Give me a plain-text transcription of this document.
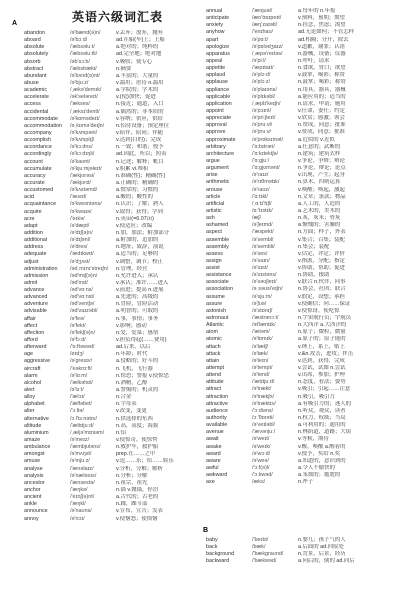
英语六级词汇表
A
abandon	/ə'bænd(ə)n/	v.丢弃；放弃，抛弃
aboard	/ə'bɔːd/	ad.在船(车)上；上船
absolute	/'æbsəluːt/	a.绝对的；纯粹的
absolutely	/'æbsəluːtli/	ad.完全地；绝对地
absorb	/əb'sɔːb/	v.吸收；使专心
abstract	/'æbstrækt/	n.摘要
abundant	/ə'bʌnd(ə)nt/	a.丰富的；大量的
abuse	/ə'bjuːz/	v.滥用；虐待 n.滥用
academic	/ˌækə'demɪk/	a.学院的；学术的
accelerate	/ək'seləreɪt/	v.(使)加快；促进
access	/'ækses/	n.接近；通道，入口
accidental	/ˌæksɪ'dentl/	a.偶然的；非本质的
accommodate /ə'kɒmədeɪt/	v.容纳；供应，供给
accommodation /əˌkɒmə'deɪʃn/ n.招待设备；预定座位
accompany	/ə'kʌmpəni/	v.陪伴，陪同；伴随
accomplish	/ə'kʌmplɪʃ/	v.达到(目的)；完成
accordance	/ə'kɔːdns/	n.一致；和谐；授予
accordingly	/ə'kɔːdɪŋli/	ad.因此，所以；照着
account	/ə'kaʊnt/	n.记述；解释；帐目
accumulate	/ə'kjuːmjəleɪt/	v.积累 vi.堆积
accuracy	/'ækjʊrəsi/	n.准确(性)；精确(性)
accurate	/'ækjʊrɪt/	a.正确的；精确的
accustomed	/ə'kʌstəmd/	a.惯常的；习惯的
acid	/'æsɪd/	a.酸的；酸性的
acquaintance	/ə'kweɪntəns/	n.认识；了解；熟人
acquire	/ə'kwaɪə/	v.取得；获得；学到
acre	/'eɪkə/	n.英亩(=6.07亩)
adapt	/ə'dæpt/	v.使适应；改编
addition	/ə'dɪʃ(ə)n/	n.加，加法；附加部分
additional	/ə'dɪʃənl/	a.附加的，追加的
address	/ə'dres/	n.地址；致辞，演说
adequate	/'ædɪkwɪt/	a.适当的；足够的
adjust	/ə'dʒʌst/	v.调整，调节；校正
administration /ədˌmɪnɪ'streɪʃn/ n.管理，经营
admission	/əd'mɪʃ(ə)n/	n.允许进入；承认
admit	/əd'mɪt/	v.承认；准许……进入
advance	/əd'vɑːns/	v.前进；提高 n.进展
advanced	/əd'vɑːnst/	a.先进的；高级的
adventure	/əd'ventʃə/	n.冒险，冒险活动
advisable	/əd'vaɪzəbl/	a.明智的；可取的
affair	/ə'feə/	n.事，事情；事务
affect	/ə'fekt/	v.影响；感动
affection	/ə'fekʃ(ə)n/	n.爱，爱慕；感情
afford	/ə'fɔːd/	v.担负得起(……费用)
afterward	/'ɑːftəwəd/	ad.后来，以后
age	/eɪdʒ/	n.年龄；时代
aggressive	/ə'gresɪv/	a.侵略的；好斗的
aircraft	/'eəkrɑːft/	n.飞机，飞行器
alarm	/ə'lɑːm/	n.惊恐；警报 v.使惊恐
alcohol	/'ælkəhɒl/	n.酒精，乙醇
alert	/ə'lɜːt/	a.警惕的；机灵的
alloy	/'ælɔɪ/	n.合金
alphabet	/'ælfəbet/	n.字母表
alter	/'ɔːltə/	v.改变，变更
alternative	/ɔːl'tɜːnətɪv/	n.供选择的东西
altitude	/'æltɪtjuːd/	n.高，高度；海拔
aluminium	/ˌæljə'mɪniəm/ n.铝
amaze	/ə'meɪz/	v.使惊奇，使惊愕
ambulance	/'æmbjʊləns/	n.救护车，救护船
amongst	/ə'mʌŋst/	prep.在……之中
amuse	/ə'mjuːz/	v.逗……乐；给……娱乐
analyse	/'ænəlaɪz/	v.分析，分解；解析
analysis	/ə'næləsɪs/	n.分析；分解
ancestor	/'ænsestə/	n.祖宗，祖先
anchor	/'æŋkə/	n.锚 v.抛锚，停泊
ancient	/'eɪnʃ(ə)nt/	a.古代的；古老的
ankle	/'æŋkl/	n.踝，踝节部
announce	/ə'naʊns/	v.宣布，宣告；发表
annoy	/ə'nɔɪ/	v.使恼怒；使烦恼
annual	/'ænjuəl/	a.每年的 n.年报
anticipate	/æn'tɪsɪpeɪt/	v.预料，预期；期望
anxiety	/æŋ'zaɪəti/	n.挂念，焦虑；渴望
anyhow	/'enɪhaʊ/	ad.无论如何；不管怎样
apart	/ə'pɑːt/	ad.相隔；分开，除去
apologize	/ə'pɒlədʒaɪz/	v.道歉，谢罪；认错
apparatus	/ˌæpə'reɪtəs/	n.器械，设备；仪器
appeal	/ə'piːl/	n.呼吁，请求
appetite	/'æpɪtaɪt/	n.食欲，胃口；欲望
applaud	/ə'plɔːd/	v.鼓掌，喝彩；称赞
applause	/ə'plɔːz/	n.鼓掌；喝彩；称赞
appliance	/ə'plaɪəns/	n.用具，器具，器械
applicable	/ə'plɪkəbl/	a.能应用的；适当的
application	/ˌæplɪ'keɪʃn/	n.请求，申请；施用
appoint	/ə'pɔɪnt/	v.任命，委任；约定
appreciate	/ə'priːʃieɪt/	v.欣赏；感激；领会
approval	/ə'pruːvl/	n.赞成，同意；批准
approve	/ə'pruːv/	v.赞成，同意；批准
approximate	/ə'prɒksɪmət/	a.近似的 v.近似
arbitrary	/'ɑːbɪtrəri/	a.任意的；武断的
architecture	/'ɑːkɪtektʃə/	n.建筑；建筑式样
argue	/'ɑːgjuː/	v.争论，争辩；辩论
argument	/'ɑːgjʊmənt/	n.争论，辩论；论点
arise	/ə'raɪz/	v.出现，产生；起身
arithmetic	/ə'rɪθmətɪk/	n.算术，四则运算
arouse	/ə'raʊz/	v.唤醒；唤起，激起
article	/'ɑːtɪkl/	n.文章；条款；物品
artificial	/ˌɑːtɪ'fɪʃl/	a.人工的，人造的
artistic	/ɑː'tɪstɪk/	a.艺术的，美术的
ash	/æʃ/	n.灰，灰末；骨灰
ashamed	/ə'ʃeɪmd/	a.惭愧的；害臊的
aspect	/'æspekt/	n.方面；样子，外表
assemble	/ə'sembl/	v.集合；召集；装配
assembly	/ə'sembli/	n.集会；装配
assess	/ə'ses/	v.估定，评定；评价
assign	/ə'saɪn/	v.指派，分配；指定
assist	/ə'sɪst/	v.协助，帮助；促进
assistance	/ə'sɪstəns/	n.协助，援助
associate	/ə'səʊʃieɪt/	v.联合 n.伙伴，同事
association	/əˌsəʊsi'eɪʃn/	n.协会，社团；联合
assume	/ə'sjuːm/	v.假定，设想；承担
assure	/ə'ʃʊə/	v.使确信；向……保证
astonish	/ə'stɒnɪʃ/	v.使惊讶，使吃惊
astronaut	/'æstrənɔːt/	n.宇宙航行员；宇航员
Atlantic	/ət'læntɪk/	n.大西洋 a.大西洋的
atom	/'ætəm/	n.原子；微粒，微量
atomic	/ə'tɒmɪk/	a.原子的；原子能的
attach	/ə'tætʃ/	v.缚上，系上，贴上
attack	/ə'tæk/	v.&n.攻击，进攻；抨击
attain	/ə'teɪn/	v.达到，获得，完成
attempt	/ə'tempt/	v.尝试，试图 n.尝试
attend	/ə'tend/	v.出席，参加；护理
attitude	/'ætɪtjuːd/	n.态度，看法；姿势
attract	/ə'trækt/	v.吸引；引起……注意
attraction	/ə'trækʃn/	n.吸引，吸引力
attractive	/ə'træktɪv/	a.有吸引力的；迷人的
audience	/'ɔːdiəns/	n.听众，观众，读者
authority	/ɔː'θɒrəti/	n.权力，权威；当局
available	/ə'veɪləbl/	a.可利用的；通用的
avenue	/'ævənjuː/	n.林荫道，道路；大街
await	/ə'weɪt/	v.等候，期待
awake	/ə'weɪk/	v.醒，唤醒 a.醒着的
award	/ə'wɔːd/	v.授予，奖给 n.奖
aware	/ə'weə/	a.知道的，意识到的
awful	/'ɔːf(ə)l/	a.令人不愉快的
awkward	/'ɔːkwəd/	a.笨拙的；尴尬的
axe	/æks/	n.斧子
B
baby	/'beɪbi/	n.婴儿；孩子气的人
back	/bæk/	a.后面的 ad.回原处
background	/'bækgraʊnd/	n.背景，后景，经历
backward	/'bækwəd/	a.向后的，倒的 ad.向后
